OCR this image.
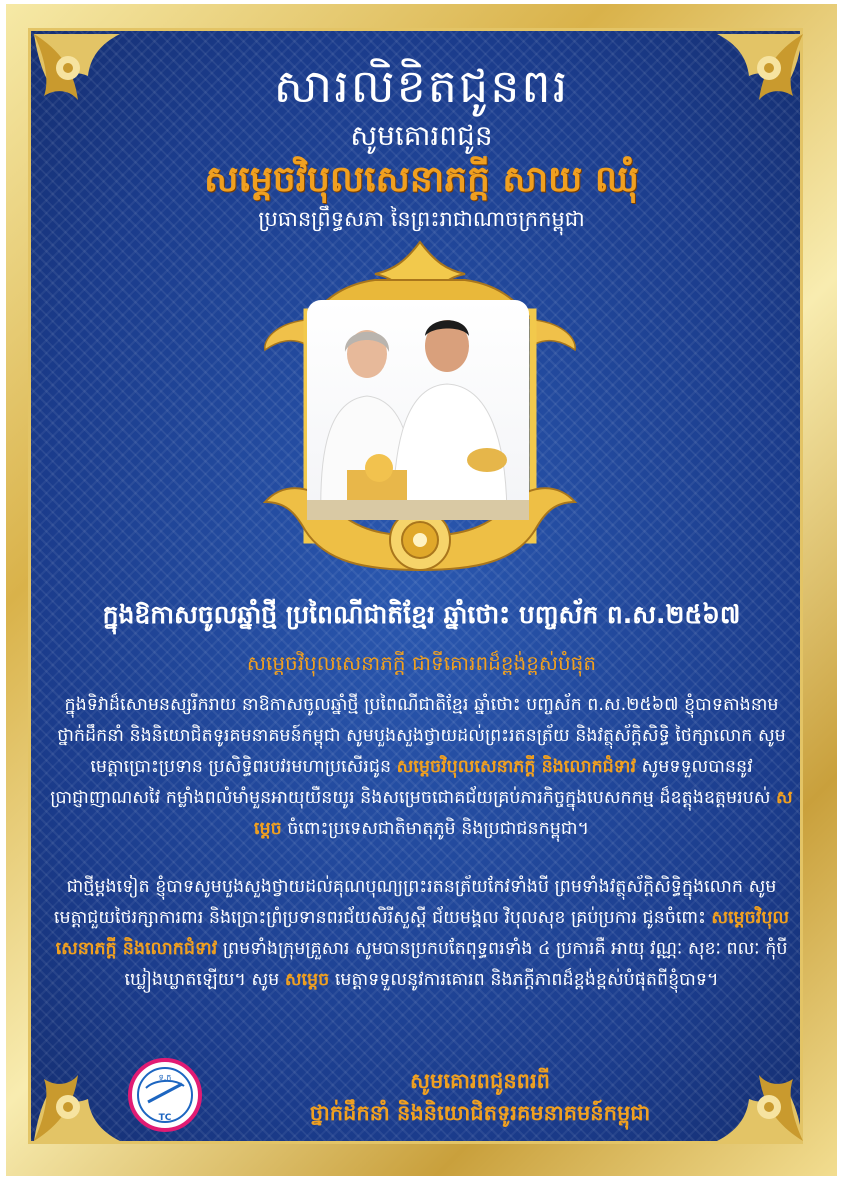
សារលិខិតជូនពរ
សូមគោរពជូន
សម្តេចវិបុលសេនាភក្តី សាយ ឈុំ
ប្រធានព្រឹទ្ធសភា នៃព្រះរាជាណាចក្រកម្ពុជា
ក្នុងឱកាសចូលឆ្នាំថ្មី ប្រពៃណីជាតិខ្មែរ ឆ្នាំថោះ បញ្ចស័ក ព.ស.២៥៦៧
សម្តេចវិបុលសេនាភក្តី ជាទីគោរពដ៏ខ្ពង់ខ្ពស់បំផុត
ក្នុងទិវាដ៏សោមនស្សរីករាយ នាឱកាសចូលឆ្នាំថ្មី ប្រពៃណីជាតិខ្មែរ ឆ្នាំថោះ បញ្ចស័ក ព.ស.២៥៦៧ ខ្ញុំបាទតាងនាម ថ្នាក់ដឹកនាំ និងនិយោជិតទូរគមនាគមន៍កម្ពុជា សូមបួងសួងថ្វាយដល់ព្រះរតនត្រ័យ និងវត្ថុស័ក្តិសិទ្ធិ ថៃក្សាលោក សូមមេត្តាប្រោះប្រទាន ប្រសិទ្ធិពរបវរមហាប្រសើរជូន សម្តេចវិបុលសេនាភក្តី និងលោកជំទាវ សូមទទួលបាននូវប្រាជ្ញាញាណសវៃ កម្លាំងពលំមាំមួនអាយុយឺនយូរ និងសម្រេចជោគជ័យគ្រប់ភារកិច្ចក្នុងបេសកកម្ម ដ៏ឧត្តុងឧត្តមរបស់ សម្តេច ចំពោះប្រទេសជាតិមាតុភូមិ និងប្រជាជនកម្ពុជា។
ជាថ្មីម្តងទៀត ខ្ញុំបាទសូមបួងសួងថ្វាយដល់គុណបុណ្យព្រះរតនត្រ័យកែវទាំងបី ព្រមទាំងវត្ថុស័ក្តិសិទ្ធិក្នុងលោក សូមមេត្តាជួយថៃរក្សាការពារ និងប្រោះព្រំប្រទានពរជ័យសិរីសួស្តី ជ័យមង្គល វិបុលសុខ គ្រប់ប្រការ ជូនចំពោះ សម្តេចវិបុលសេនាភក្តី និងលោកជំទាវ ព្រមទាំងក្រុមគ្រួសារ សូមបានប្រកបតែពុទ្ធពរទាំង ៤ ប្រការគឺ អាយុ វណ្ណៈ សុខៈ ពលៈ កុំបីឃ្លៀងឃ្លាតឡើយ។ សូម សម្តេច មេត្តាទទួលនូវការគោរព និងភក្តីភាពដ៏ខ្ពង់ខ្ពស់បំផុតពីខ្ញុំបាទ។
ទ.ក
TC
សូមគោរពជូនពរពី
ថ្នាក់ដឹកនាំ និងនិយោជិតទូរគមនាគមន៍កម្ពុជា
